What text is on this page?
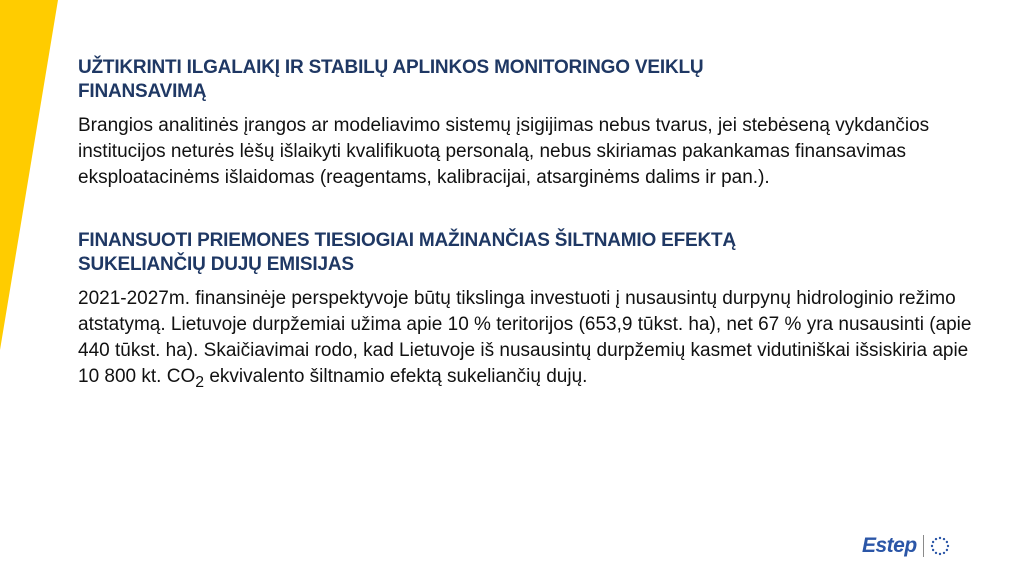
UŽTIKRINTI ILGALAIKĮ IR STABILŲ APLINKOS MONITORINGO VEIKLŲ
FINANSAVIMĄ

Brangios analitinės įrangos ar modeliavimo sistemų įsigijimas nebus tvarus, jei stebėseną vykdančios institucijos neturės lėšų išlaikyti kvalifikuotą personalą, nebus skiriamas pakankamas finansavimas eksploatacinėms išlaidomas (reagentams, kalibracijai, atsarginėms dalims ir pan.).

FINANSUOTI PRIEMONES TIESIOGIAI MAŽINANČIAS ŠILTNAMIO EFEKTĄ
SUKELIANČIŲ DUJŲ EMISIJAS

2021-2027m. finansinėje perspektyvoje būtų tikslinga investuoti į nusausintų durpynų hidrologinio režimo atstatymą. Lietuvoje durpžemiai užima apie 10 % teritorijos (653,9 tūkst. ha), net 67 % yra nusausinti (apie 440 tūkst. ha). Skaičiavimai rodo, kad Lietuvoje iš nusausintų durpžemių kasmet vidutiniškai išsiskiria apie 10 800 kt. $CO_2$ ekvivalento šiltnamio efektą sukeliančių dujų.

Estep
